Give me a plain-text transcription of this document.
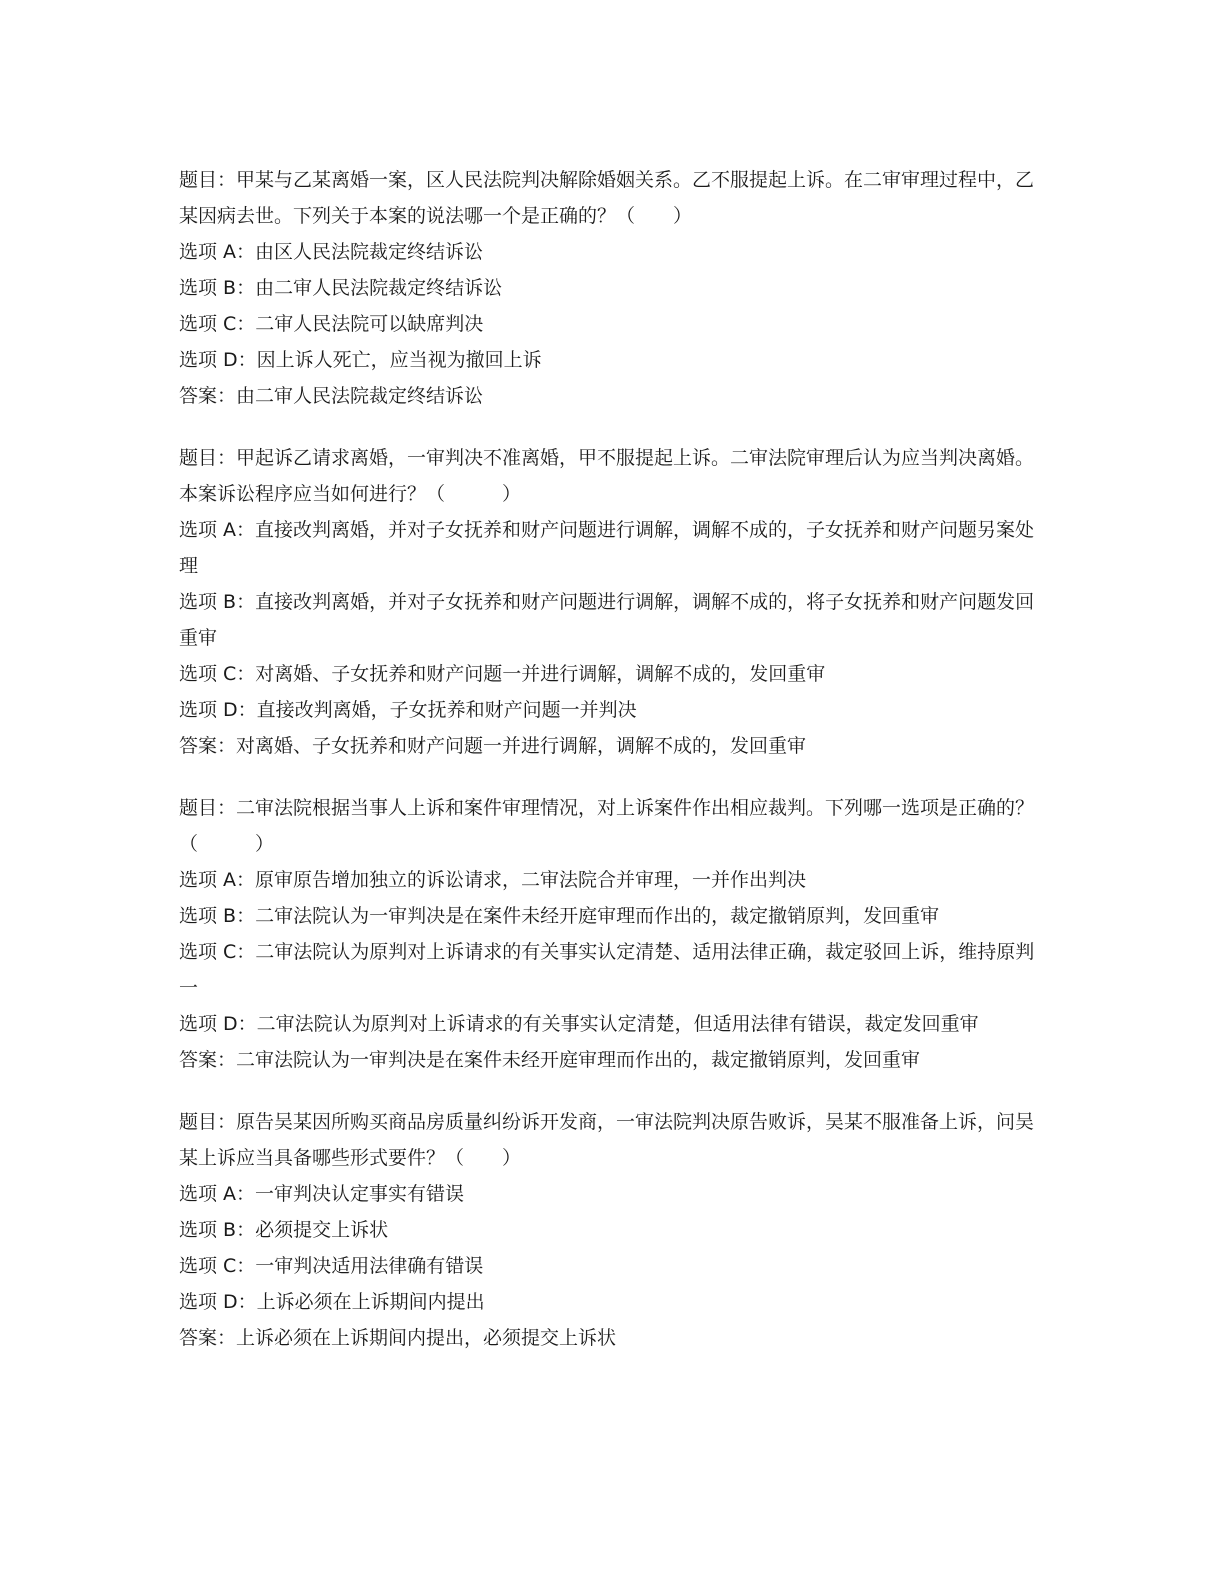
题目：甲某与乙某离婚一案，区人民法院判决解除婚姻关系。乙不服提起上诉。在二审审理过程中，乙某因病去世。下列关于本案的说法哪一个是正确的？（　　）

选项 A：由区人民法院裁定终结诉讼

选项 B：由二审人民法院裁定终结诉讼

选项 C：二审人民法院可以缺席判决

选项 D：因上诉人死亡，应当视为撤回上诉

答案：由二审人民法院裁定终结诉讼

题目：甲起诉乙请求离婚，一审判决不准离婚，甲不服提起上诉。二审法院审理后认为应当判决离婚。本案诉讼程序应当如何进行？（　　　）

选项 A：直接改判离婚，并对子女抚养和财产问题进行调解，调解不成的，子女抚养和财产问题另案处理

选项 B：直接改判离婚，并对子女抚养和财产问题进行调解，调解不成的，将子女抚养和财产问题发回重审

选项 C：对离婚、子女抚养和财产问题一并进行调解，调解不成的，发回重审

选项 D：直接改判离婚，子女抚养和财产问题一并判决

答案：对离婚、子女抚养和财产问题一并进行调解，调解不成的，发回重审

题目：二审法院根据当事人上诉和案件审理情况，对上诉案件作出相应裁判。下列哪一选项是正确的？（　　　）

选项 A：原审原告增加独立的诉讼请求，二审法院合并审理，一并作出判决

选项 B：二审法院认为一审判决是在案件未经开庭审理而作出的，裁定撤销原判，发回重审

选项 C：二审法院认为原判对上诉请求的有关事实认定清楚、适用法律正确，裁定驳回上诉，维持原判一

选项 D：二审法院认为原判对上诉请求的有关事实认定清楚，但适用法律有错误，裁定发回重审

答案：二审法院认为一审判决是在案件未经开庭审理而作出的，裁定撤销原判，发回重审

题目：原告吴某因所购买商品房质量纠纷诉开发商，一审法院判决原告败诉，吴某不服准备上诉，问吴某上诉应当具备哪些形式要件？（　　）

选项 A：一审判决认定事实有错误

选项 B：必须提交上诉状

选项 C：一审判决适用法律确有错误

选项 D：上诉必须在上诉期间内提出

答案：上诉必须在上诉期间内提出，必须提交上诉状
